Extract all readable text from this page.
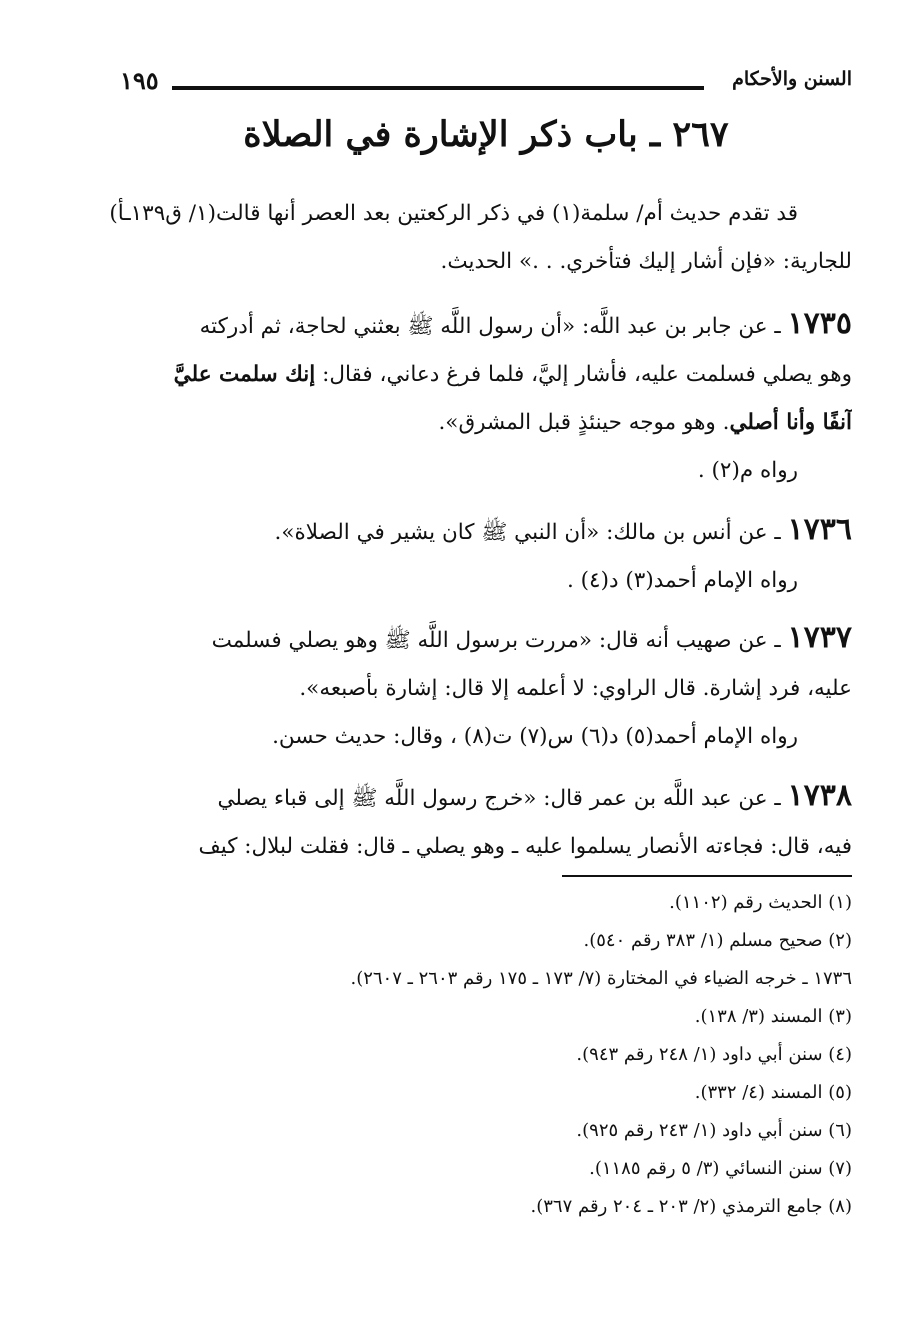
١٩٥	السنن والأحكام
٢٦٧ ـ باب ذكر الإشارة في الصلاة
قد تقدم حديث أم/ سلمة(١) في ذكر الركعتين بعد العصر أنها قالت(١/ ق١٣٩ـأ)
للجارية: «فإن أشار إليك فتأخري. . .» الحديث.
١٧٣٥ ـ عن جابر بن عبد اللَّه: «أن رسول اللَّه ﷺ بعثني لحاجة، ثم أدركته
وهو يصلي فسلمت عليه، فأشار إليَّ، فلما فرغ دعاني، فقال: إنك سلمت عليَّ
آنفًا وأنا أصلي. وهو موجه حينئذٍ قبل المشرق».
رواه م(٢) .
١٧٣٦ ـ عن أنس بن مالك: «أن النبي ﷺ كان يشير في الصلاة».
رواه الإمام أحمد(٣) د(٤) .
١٧٣٧ ـ عن صهيب أنه قال: «مررت برسول اللَّه ﷺ وهو يصلي فسلمت
عليه، فرد إشارة. قال الراوي: لا أعلمه إلا قال: إشارة بأصبعه».
رواه الإمام أحمد(٥) د(٦) س(٧) ت(٨) ، وقال: حديث حسن.
١٧٣٨ ـ عن عبد اللَّه بن عمر قال: «خرج رسول اللَّه ﷺ إلى قباء يصلي
فيه، قال: فجاءته الأنصار يسلموا عليه ـ وهو يصلي ـ قال: فقلت لبلال: كيف
(١) الحديث رقم (١١٠٢).
(٢) صحيح مسلم (١/ ٣٨٣ رقم ٥٤٠).
١٧٣٦ ـ خرجه الضياء في المختارة (٧/ ١٧٣ ـ ١٧٥ رقم ٢٦٠٣ ـ ٢٦٠٧).
(٣) المسند (٣/ ١٣٨).
(٤) سنن أبي داود (١/ ٢٤٨ رقم ٩٤٣).
(٥) المسند (٤/ ٣٣٢).
(٦) سنن أبي داود (١/ ٢٤٣ رقم ٩٢٥).
(٧) سنن النسائي (٣/ ٥ رقم ١١٨٥).
(٨) جامع الترمذي (٢/ ٢٠٣ ـ ٢٠٤ رقم ٣٦٧).
